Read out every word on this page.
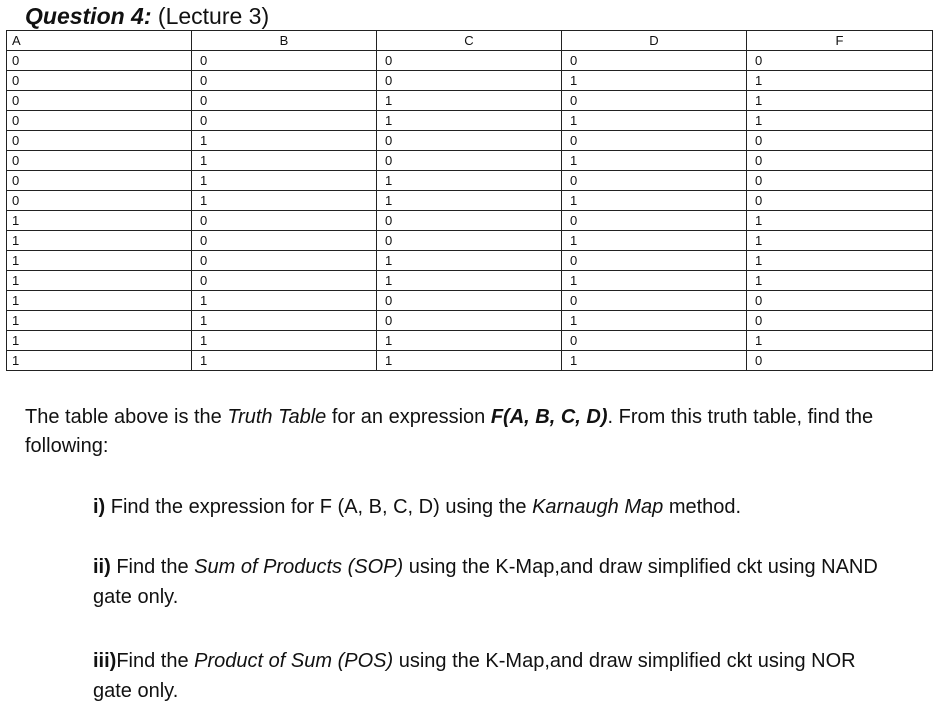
Question 4: (Lecture 3)
A	B	C	D	F
0	0	0	0	0
0	0	0	1	1
0	0	1	0	1
0	0	1	1	1
0	1	0	0	0
0	1	0	1	0
0	1	1	0	0
0	1	1	1	0
1	0	0	0	1
1	0	0	1	1
1	0	1	0	1
1	0	1	1	1
1	1	0	0	0
1	1	0	1	0
1	1	1	0	1
1	1	1	1	0
The table above is the Truth Table for an expression F(A, B, C, D). From this truth table, find the following:
i) Find the expression for F (A, B, C, D) using the Karnaugh Map method.
ii) Find the Sum of Products (SOP) using the K-Map,and draw simplified ckt using NAND gate only.
iii)Find the Product of Sum (POS) using the K-Map,and draw simplified ckt using NOR gate only.
